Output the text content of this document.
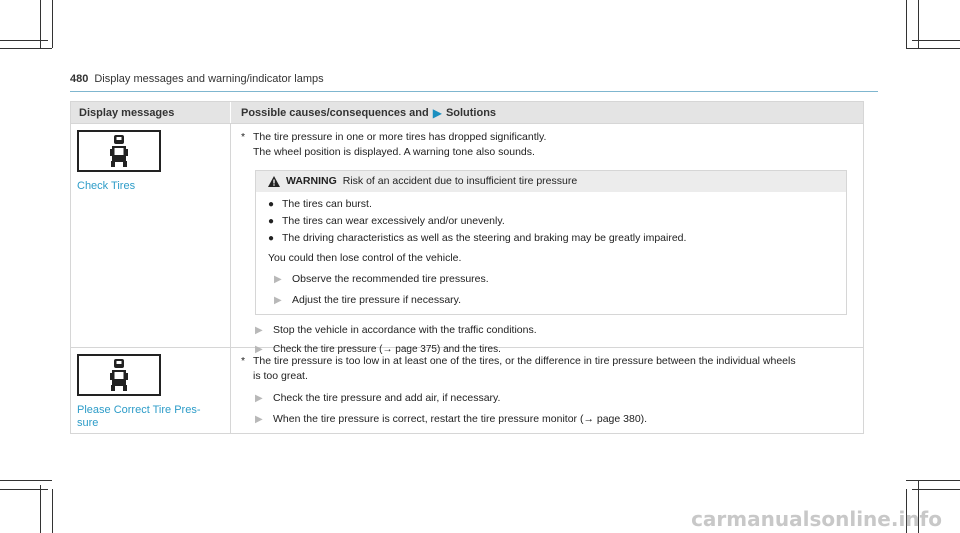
480 Display messages and warning/indicator lamps
Display messages	Possible causes/consequences and ▶ Solutions
Check Tires
* The tire pressure in one or more tires has dropped significantly.
The wheel position is displayed. A warning tone also sounds.
WARNING Risk of an accident due to insufficient tire pressure
● The tires can burst.
● The tires can wear excessively and/or unevenly.
● The driving characteristics as well as the steering and braking may be greatly impaired.
You could then lose control of the vehicle.
▶ Observe the recommended tire pressures.
▶ Adjust the tire pressure if necessary.
▶ Stop the vehicle in accordance with the traffic conditions.
▶	Check the tire pressure (→ page 375) and the tires.
Please Correct Tire Pres-
sure
* The tire pressure is too low in at least one of the tires, or the difference in tire pressure between the individual wheels
is too great.
▶ Check the tire pressure and add air, if necessary.
▶ When the tire pressure is correct, restart the tire pressure monitor (→ page 380).
carmanualsonline.info
